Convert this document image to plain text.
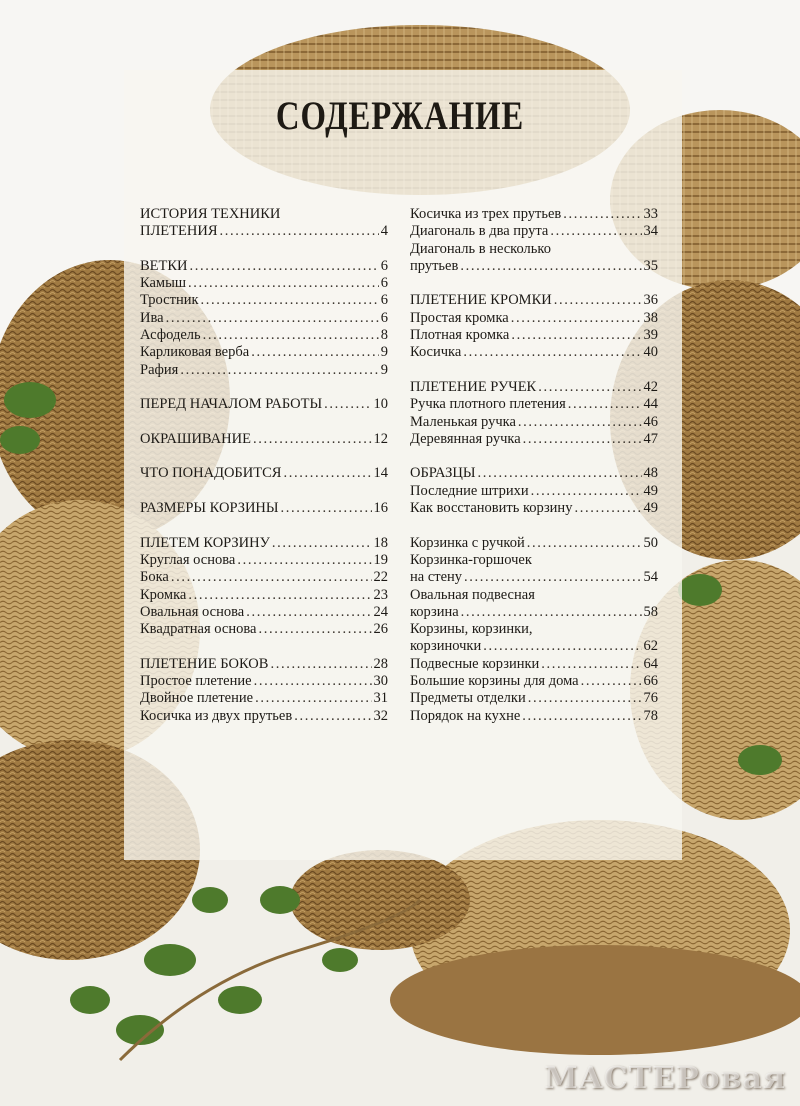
СОДЕРЖАНИЕ
ИСТОРИЯ ТЕХНИКИ
ПЛЕТЕНИЯ . . .	4
ВЕТКИ . . .	6
Камыш . . .	6
Тростник . . .	6
Ива . . .	6
Асфодель . . .	8
Карликовая верба . . .	9
Рафия . . .	9
ПЕРЕД НАЧАЛОМ РАБОТЫ . . .	10
ОКРАШИВАНИЕ . . .	12
ЧТО ПОНАДОБИТСЯ . . .	14
РАЗМЕРЫ КОРЗИНЫ . . .	16
ПЛЕТЕМ КОРЗИНУ . . .	18
Круглая основа . . .	19
Бока . . .	22
Кромка . . .	23
Овальная основа . . .	24
Квадратная основа . . .	26
ПЛЕТЕНИЕ БОКОВ . . .	28
Простое плетение . . .	30
Двойное плетение . . .	31
Косичка из двух прутьев . . .	32
Косичка из трех прутьев . . .	33
Диагональ в два прута . . .	34
Диагональ в несколько
прутьев . . .	35
ПЛЕТЕНИЕ КРОМКИ . . .	36
Простая кромка . . .	38
Плотная кромка . . .	39
Косичка . . .	40
ПЛЕТЕНИЕ РУЧЕК . . .	42
Ручка плотного плетения . . .	44
Маленькая ручка . . .	46
Деревянная ручка . . .	47
ОБРАЗЦЫ . . .	48
Последние штрихи . . .	49
Как восстановить корзину . . .	49
Корзинка с ручкой . . .	50
Корзинка-горшочек
на стену . . .	54
Овальная подвесная
корзина . . .	58
Корзины, корзинки,
корзиночки . . .	62
Подвесные корзинки . . .	64
Большие корзины для дома . . .	66
Предметы отделки . . .	76
Порядок на кухне . . .	78
МАСТЕРовая
